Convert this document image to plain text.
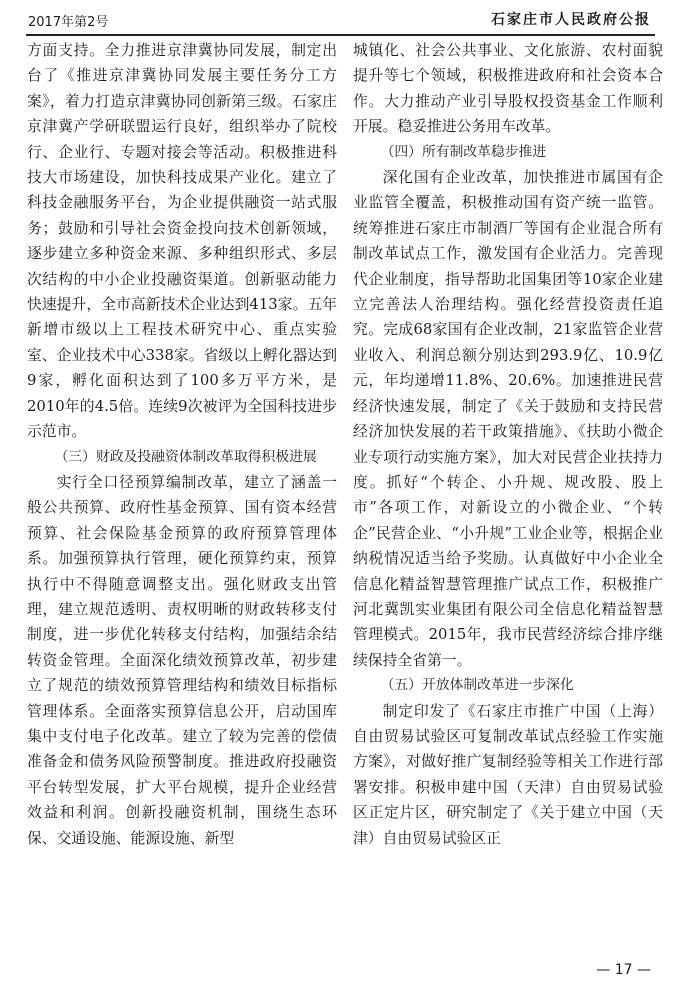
2017年第2号	石家庄市人民政府公报

方面支持。全力推进京津冀协同发展，制定出台了《推进京津冀协同发展主要任务分工方案》，着力打造京津冀协同创新第三级。石家庄京津冀产学研联盟运行良好，组织举办了院校行、企业行、专题对接会等活动。积极推进科技大市场建设，加快科技成果产业化。建立了科技金融服务平台，为企业提供融资一站式服务；鼓励和引导社会资金投向技术创新领域，逐步建立多种资金来源、多种组织形式、多层次结构的中小企业投融资渠道。创新驱动能力快速提升，全市高新技术企业达到413家。五年新增市级以上工程技术研究中心、重点实验室、企业技术中心338家。省级以上孵化器达到9家，孵化面积达到了100多万平方米，是2010年的4.5倍。连续9次被评为全国科技进步示范市。

（三）财政及投融资体制改革取得积极进展

实行全口径预算编制改革，建立了涵盖一般公共预算、政府性基金预算、国有资本经营预算、社会保险基金预算的政府预算管理体系。加强预算执行管理，硬化预算约束，预算执行中不得随意调整支出。强化财政支出管理，建立规范透明、责权明晰的财政转移支付制度，进一步优化转移支付结构，加强结余结转资金管理。全面深化绩效预算改革，初步建立了规范的绩效预算管理结构和绩效目标指标管理体系。全面落实预算信息公开，启动国库集中支付电子化改革。建立了较为完善的偿债准备金和债务风险预警制度。推进政府投融资平台转型发展，扩大平台规模，提升企业经营效益和利润。创新投融资机制，围绕生态环保、交通设施、能源设施、新型

城镇化、社会公共事业、文化旅游、农村面貌提升等七个领域，积极推进政府和社会资本合作。大力推动产业引导股权投资基金工作顺利开展。稳妥推进公务用车改革。

（四）所有制改革稳步推进

深化国有企业改革，加快推进市属国有企业监管全覆盖，积极推动国有资产统一监管。统筹推进石家庄市制酒厂等国有企业混合所有制改革试点工作，激发国有企业活力。完善现代企业制度，指导帮助北国集团等10家企业建立完善法人治理结构。强化经营投资责任追究。完成68家国有企业改制，21家监管企业营业收入、利润总额分别达到293.9亿、10.9亿元，年均递增11.8%、20.6%。加速推进民营经济快速发展，制定了《关于鼓励和支持民营经济加快发展的若干政策措施》、《扶助小微企业专项行动实施方案》，加大对民营企业扶持力度。抓好“个转企、小升规、规改股、股上市”各项工作，对新设立的小微企业、“个转企”民营企业、“小升规”工业企业等，根据企业纳税情况适当给予奖励。认真做好中小企业全信息化精益智慧管理推广试点工作，积极推广河北冀凯实业集团有限公司全信息化精益智慧管理模式。2015年，我市民营经济综合排序继续保持全省第一。

（五）开放体制改革进一步深化

制定印发了《石家庄市推广中国（上海）自由贸易试验区可复制改革试点经验工作实施方案》，对做好推广复制经验等相关工作进行部署安排。积极申建中国（天津）自由贸易试验区正定片区，研究制定了《关于建立中国（天津）自由贸易试验区正

— 17 —
